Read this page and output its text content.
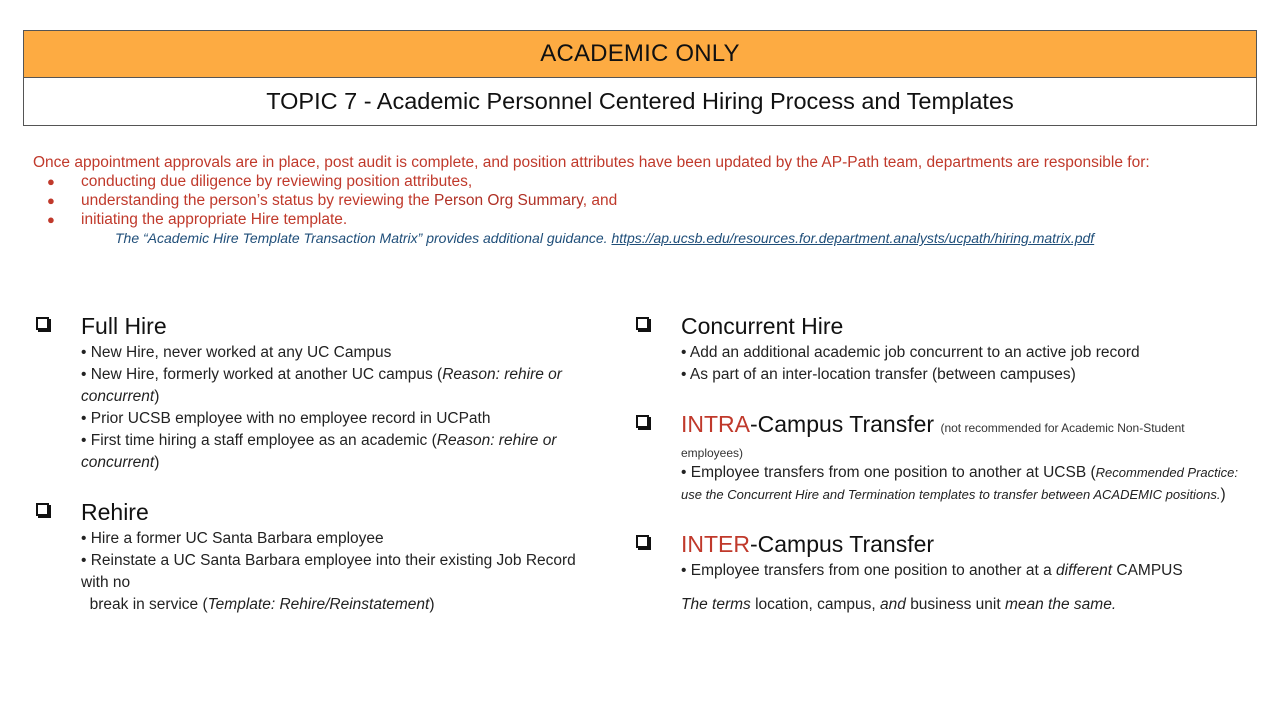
ACADEMIC ONLY
TOPIC 7 - Academic Personnel Centered Hiring Process and Templates

Once appointment approvals are in place, post audit is complete, and position attributes have been updated by the AP-Path team, departments are responsible for:

● conducting due diligence by reviewing position attributes,
● understanding the person’s status by reviewing the Person Org Summary, and
● initiating the appropriate Hire template.
The “Academic Hire Template Transaction Matrix” provides additional guidance. https://ap.ucsb.edu/resources.for.department.analysts/ucpath/hiring.matrix.pdf
Full Hire

• New Hire, never worked at any UC Campus

• New Hire, formerly worked at another UC campus (Reason: rehire or concurrent)

• Prior UCSB employee with no employee record in UCPath

• First time hiring a staff employee as an academic (Reason: rehire or concurrent)

Rehire

• Hire a former UC Santa Barbara employee

• Reinstate a UC Santa Barbara employee into their existing Job Record with no

break in service (Template: Rehire/Reinstatement)

Concurrent Hire

• Add an additional academic job concurrent to an active job record

• As part of an inter-location transfer (between campuses)

INTRA-Campus Transfer (not recommended for Academic Non-Student

employees)

• Employee transfers from one position to another at UCSB (Recommended Practice: use the Concurrent Hire and Termination templates to transfer between ACADEMIC positions.)

INTER-Campus Transfer

• Employee transfers from one position to another at a different CAMPUS

The terms location, campus, and business unit mean the same.
